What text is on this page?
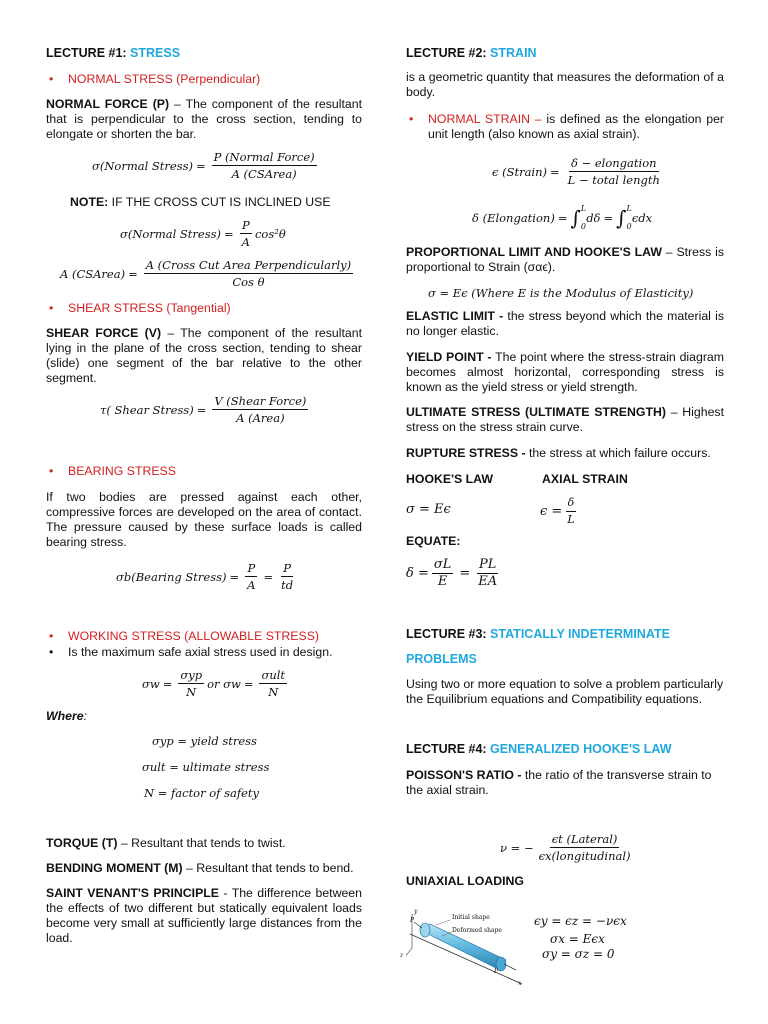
LECTURE #1: STRESS
• NORMAL STRESS (Perpendicular)
NORMAL FORCE (P) – The component of the resultant that is perpendicular to the cross section, tending to elongate or shorten the bar.
σ(Normal Stress) = $\frac{\text{P (Normal Force)}}{\text{A (CSArea)}}$
NOTE: IF THE CROSS CUT IS INCLINED USE
σ(Normal Stress) = $\frac{P}{A} \cos^2\theta$
A (CSArea) = $\frac{\text{A (Cross Cut Area Perpendicularly)}}{\text{Cos θ}}$
• SHEAR STRESS (Tangential)
SHEAR FORCE (V) – The component of the resultant lying in the plane of the cross section, tending to shear (slide) one segment of the bar relative to the other segment.
τ( Shear Stress) = $\frac{\text{V (Shear Force)}}{\text{A (Area)}}$
• BEARING STRESS
If two bodies are pressed against each other, compressive forces are developed on the area of contact. The pressure caused by these surface loads is called bearing stress.
σb(Bearing Stress) = $\frac{P}{A} = \frac{P}{td}$
• WORKING STRESS (ALLOWABLE STRESS)
• Is the maximum safe axial stress used in design.
$\sigma w = \frac{\text{σyp}}{N}$ or $\sigma w = \frac{\text{σult}}{N}$
Where:
σyp = yield stress
σult = ultimate stress
N = factor of safety
TORQUE (T) – Resultant that tends to twist.
BENDING MOMENT (M) – Resultant that tends to bend.
SAINT VENANT'S PRINCIPLE - The difference between the effects of two different but statically equivalent loads become very small at sufficiently large distances from the load.
LECTURE #2: STRAIN
is a geometric quantity that measures the deformation of a body.
• NORMAL STRAIN – is defined as the elongation per unit length (also known as axial strain).
ϵ (Strain) = $\frac{\text{δ − elongation}}{\text{L − total length}}$
δ (Elongation) = ∫ L
0
dδ = ∫ L
0
ϵdx
PROPORTIONAL LIMIT AND HOOKE'S LAW – Stress is proportional to Strain (σαϵ).
σ = Eϵ (Where E is the Modulus of Elasticity)
ELASTIC LIMIT - the stress beyond which the material is no longer elastic.
YIELD POINT - The point where the stress-strain diagram becomes almost horizontal, corresponding stress is known as the yield stress or yield strength.
ULTIMATE STRESS (ULTIMATE STRENGTH) – Highest stress on the stress strain curve.
RUPTURE STRESS - the stress at which failure occurs.
HOOKE'S LAW	AXIAL STRAIN
σ = Eϵ	$\epsilon = \frac{\delta}{L}$
EQUATE:
$\delta = \frac{\sigma L}{E} = \frac{PL}{EA}$
LECTURE #3: STATICALLY INDETERMINATE
PROBLEMS
Using two or more equation to solve a problem particularly the Equilibrium equations and Compatibility equations.
LECTURE #4: GENERALIZED HOOKE'S LAW
POISSON'S RATIO - the ratio of the transverse strain to the axial strain.
ν = − $\frac{\text{ϵt (Lateral)}}{\text{ϵx(longitudinal)}}$
UNIAXIAL LOADING
Initial shape
Deformed shape
P
P
y
z
x
ϵy = ϵz = −νϵx
σx = Eϵx
σy = σz = 0
